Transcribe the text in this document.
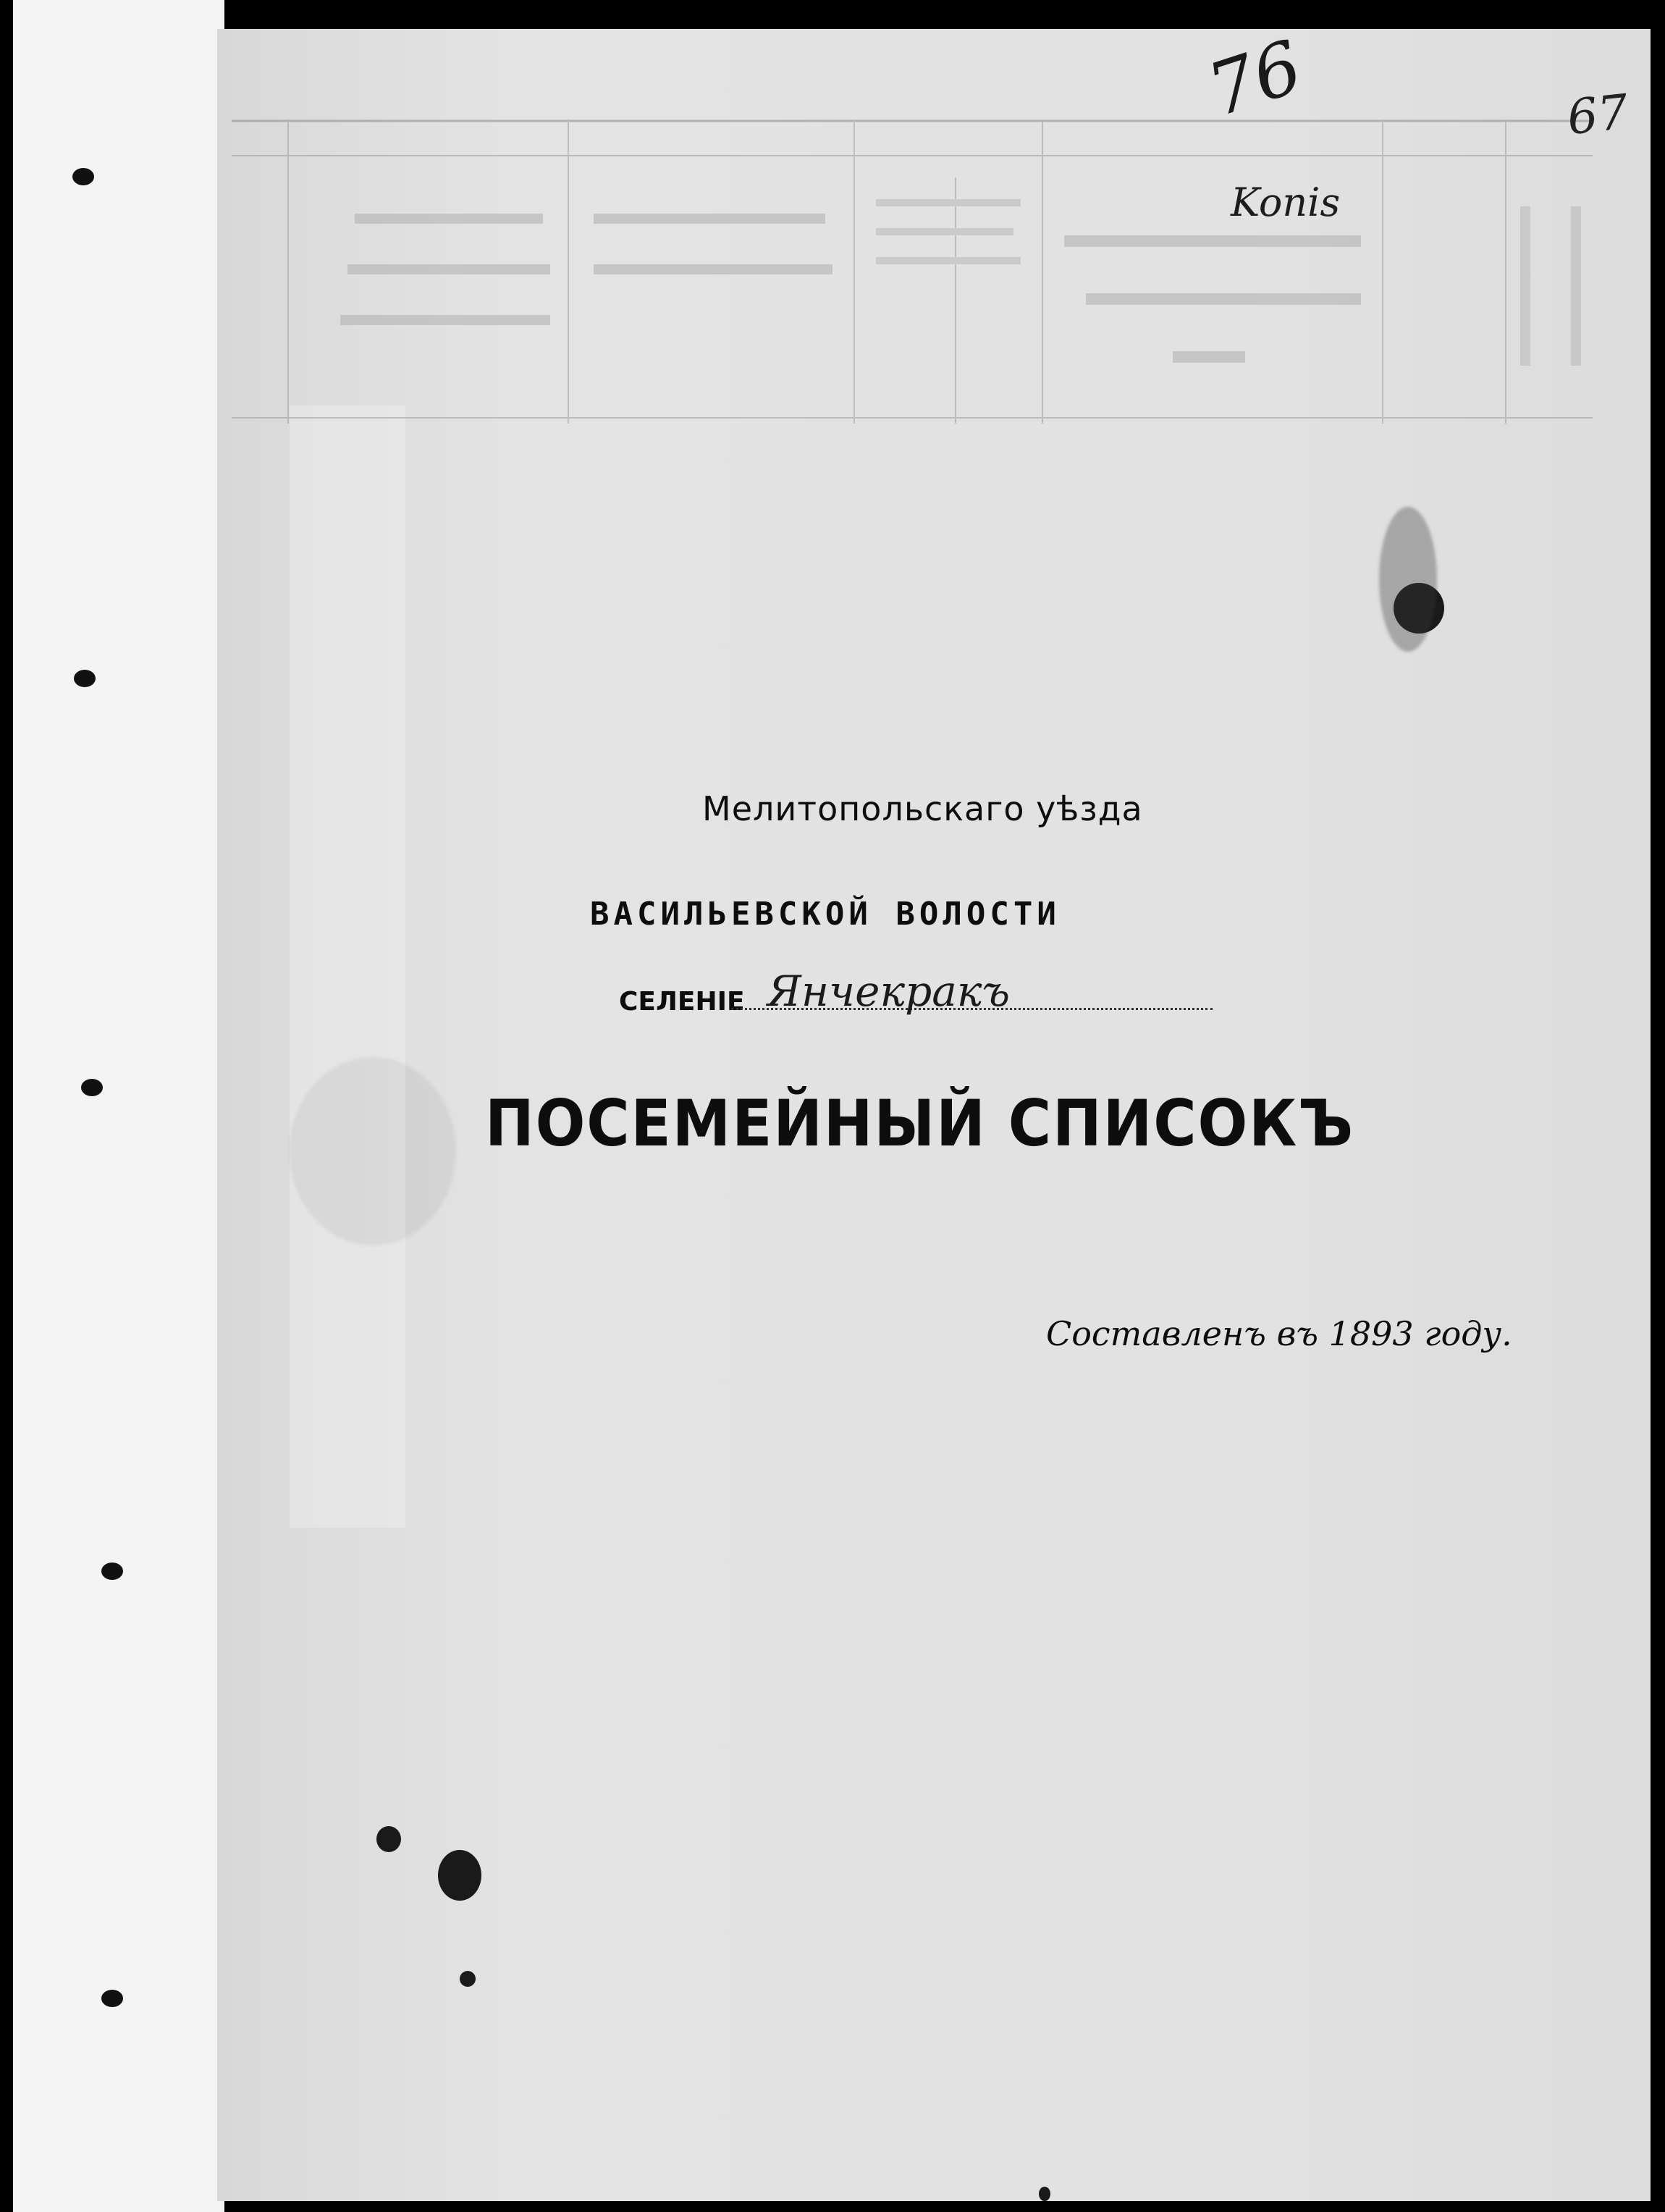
76	67
Konis
Мелитопольскаго уѣзда
ВАСИЛЬЕВСКОЙ ВОЛОСТИ
СЕЛЕНІЕ Янчекракъ
ПОСЕМЕЙНЫЙ СПИСОКЪ
Составленъ въ 1893 году.
